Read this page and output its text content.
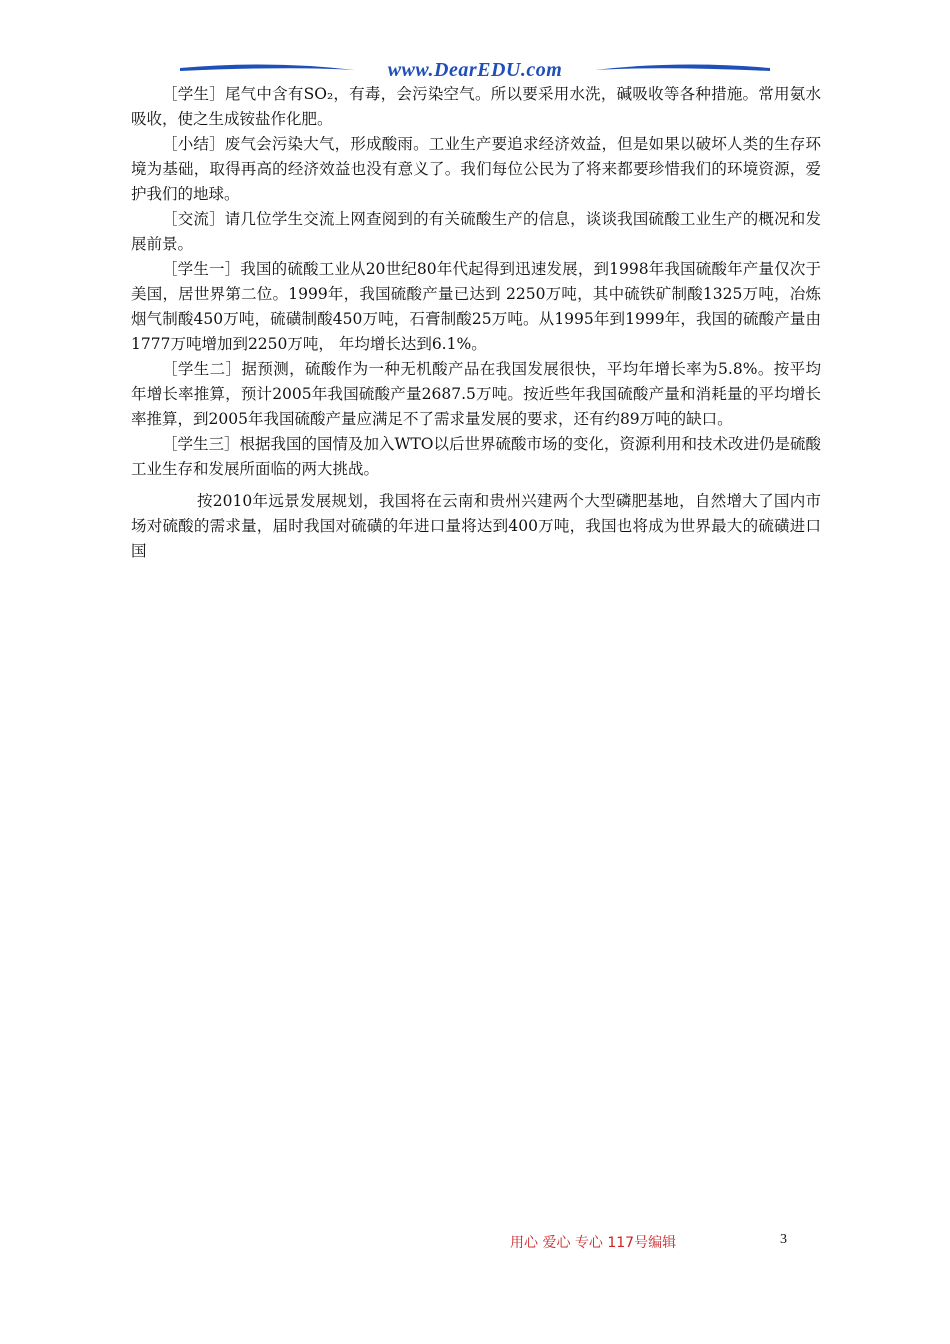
www.DearEDU.com

［学生］尾气中含有SO₂，有毒，会污染空气。所以要采用水洗，碱吸收等各种措施。常用氨水吸收，使之生成铵盐作化肥。

［小结］废气会污染大气，形成酸雨。工业生产要追求经济效益，但是如果以破坏人类的生存环境为基础，取得再高的经济效益也没有意义了。我们每位公民为了将来都要珍惜我们的环境资源，爱护我们的地球。

［交流］请几位学生交流上网查阅到的有关硫酸生产的信息，谈谈我国硫酸工业生产的概况和发展前景。

［学生一］我国的硫酸工业从20世纪80年代起得到迅速发展，到1998年我国硫酸年产量仅次于美国，居世界第二位。1999年，我国硫酸产量已达到 2250万吨，其中硫铁矿制酸1325万吨，冶炼烟气制酸450万吨，硫磺制酸450万吨，石膏制酸25万吨。从1995年到1999年，我国的硫酸产量由1777万吨增加到2250万吨， 年均增长达到6.1%。

［学生二］据预测，硫酸作为一种无机酸产品在我国发展很快，平均年增长率为5.8%。按平均年增长率推算，预计2005年我国硫酸产量2687.5万吨。按近些年我国硫酸产量和消耗量的平均增长率推算，到2005年我国硫酸产量应满足不了需求量发展的要求，还有约89万吨的缺口。

［学生三］根据我国的国情及加入WTO以后世界硫酸市场的变化，资源利用和技术改进仍是硫酸工业生存和发展所面临的两大挑战。

按2010年远景发展规划，我国将在云南和贵州兴建两个大型磷肥基地，自然增大了国内市场对硫酸的需求量，届时我国对硫磺的年进口量将达到400万吨，我国也将成为世界最大的硫磺进口国

用心 爱心 专心 117号编辑	3
